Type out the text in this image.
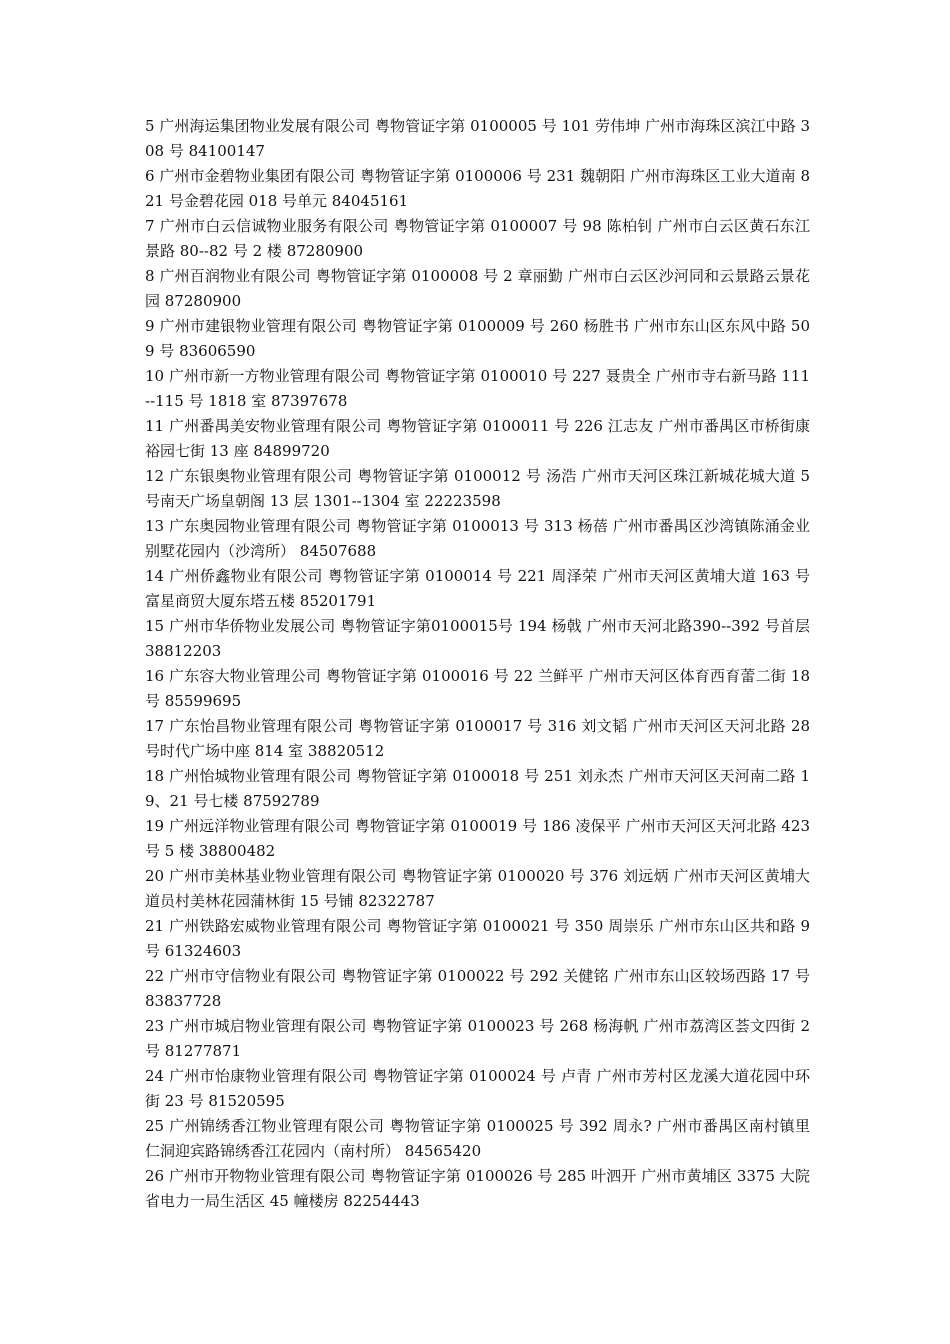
5 广州海运集团物业发展有限公司 粤物管证字第 0100005 号 101 劳伟坤 广州市海珠区滨江中路 308 号 84100147

6 广州市金碧物业集团有限公司 粤物管证字第 0100006 号 231 魏朝阳 广州市海珠区工业大道南 821 号金碧花园 018 号单元 84045161

7 广州市白云信诚物业服务有限公司 粤物管证字第 0100007 号 98 陈柏钊 广州市白云区黄石东江景路 80--82 号 2 楼 87280900

8 广州百润物业有限公司 粤物管证字第 0100008 号 2 章丽勤 广州市白云区沙河同和云景路云景花园 87280900

9 广州市建银物业管理有限公司 粤物管证字第 0100009 号 260 杨胜书 广州市东山区东风中路 509 号 83606590

10 广州市新一方物业管理有限公司 粤物管证字第 0100010 号 227 聂贵全 广州市寺右新马路 111--115 号 1818 室 87397678

11 广州番禺美安物业管理有限公司 粤物管证字第 0100011 号 226 江志友 广州市番禺区市桥街康裕园七街 13 座 84899720

12 广东银奥物业管理有限公司 粤物管证字第 0100012 号 汤浩 广州市天河区珠江新城花城大道 5 号南天广场皇朝阁 13 层 1301--1304 室 22223598

13 广东奥园物业管理有限公司 粤物管证字第 0100013 号 313 杨蓓 广州市番禺区沙湾镇陈涌金业别墅花园内（沙湾所） 84507688

14 广州侨鑫物业有限公司 粤物管证字第 0100014 号 221 周泽荣 广州市天河区黄埔大道 163 号富星商贸大厦东塔五楼 85201791

15 广州市华侨物业发展公司 粤物管证字第0100015号 194 杨戟 广州市天河北路390--392 号首层 38812203

16 广东容大物业管理公司 粤物管证字第 0100016 号 22 兰鲜平 广州市天河区体育西育蕾二街 18 号 85599695

17 广东怡昌物业管理有限公司 粤物管证字第 0100017 号 316 刘文韬 广州市天河区天河北路 28 号时代广场中座 814 室 38820512

18 广州怡城物业管理有限公司 粤物管证字第 0100018 号 251 刘永杰 广州市天河区天河南二路 19、21 号七楼 87592789

19 广州远洋物业管理有限公司 粤物管证字第 0100019 号 186 凌保平 广州市天河区天河北路 423 号 5 楼 38800482

20 广州市美林基业物业管理有限公司 粤物管证字第 0100020 号 376 刘远炳 广州市天河区黄埔大道员村美林花园蒲林街 15 号铺 82322787

21 广州铁路宏威物业管理有限公司 粤物管证字第 0100021 号 350 周崇乐 广州市东山区共和路 9 号 61324603

22 广州市守信物业有限公司 粤物管证字第 0100022 号 292 关健铭 广州市东山区较场西路 17 号 83837728

23 广州市城启物业管理有限公司 粤物管证字第 0100023 号 268 杨海帆 广州市荔湾区荟文四街 2 号 81277871

24 广州市怡康物业管理有限公司 粤物管证字第 0100024 号 卢青 广州市芳村区龙溪大道花园中环街 23 号 81520595

25 广州锦绣香江物业管理有限公司 粤物管证字第 0100025 号 392 周永? 广州市番禺区南村镇里仁洞迎宾路锦绣香江花园内（南村所） 84565420

26 广州市开物物业管理有限公司 粤物管证字第 0100026 号 285 叶泗开 广州市黄埔区 3375 大院省电力一局生活区 45 幢楼房 82254443
